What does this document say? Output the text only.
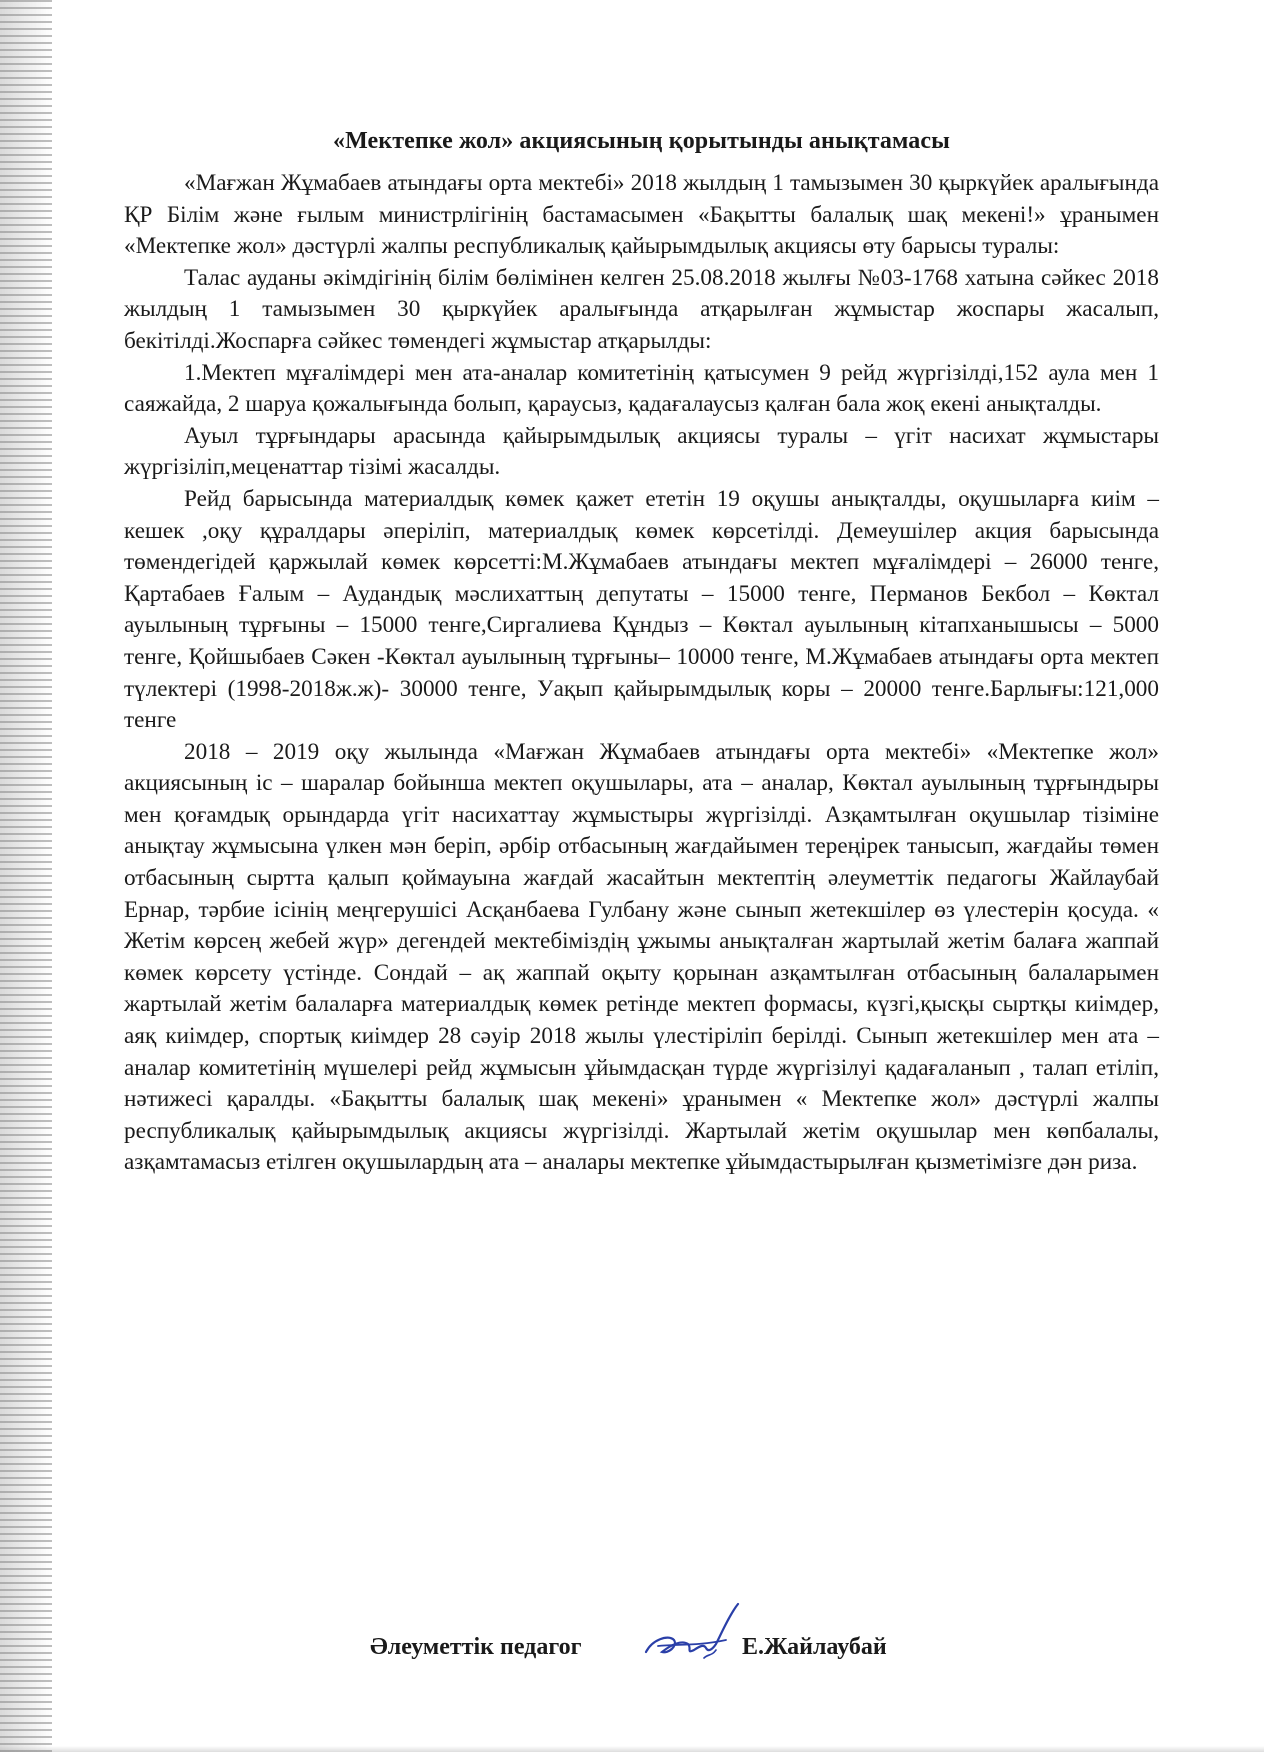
«Мектепке жол» акциясының қорытынды анықтамасы

«Мағжан Жұмабаев атындағы орта мектебі» 2018 жылдың 1 тамызымен 30 қыркүйек аралығында ҚР Білім және ғылым министрлігінің бастамасымен «Бақытты балалық шақ мекені!» ұранымен «Мектепке жол» дәстүрлі жалпы республикалық қайырымдылық акциясы өту барысы туралы:

Талас ауданы әкімдігінің білім бөлімінен келген 25.08.2018 жылғы №03-1768 хатына сәйкес 2018 жылдың 1 тамызымен 30 қыркүйек аралығында атқарылған жұмыстар жоспары жасалып, бекітілді.Жоспарға сәйкес төмендегі жұмыстар атқарылды:

1.Мектеп мұғалімдері мен ата-аналар комитетінің қатысумен 9 рейд жүргізілді,152 аула мен 1 саяжайда, 2 шаруа қожалығында болып, қараусыз, қадағалаусыз қалған бала жоқ екені анықталды.

Ауыл тұрғындары арасында қайырымдылық акциясы туралы – үгіт насихат жұмыстары жүргізіліп,меценаттар тізімі жасалды.

Рейд барысында материалдық көмек қажет ететін 19 оқушы анықталды, оқушыларға киім – кешек ,оқу құралдары әперіліп, материалдық көмек көрсетілді. Демеушілер акция барысында төмендегідей қаржылай көмек көрсетті:М.Жұмабаев атындағы мектеп мұғалімдері – 26000 тенге, Қартабаев Ғалым – Аудандық мәслихаттың депутаты – 15000 тенге, Перманов Бекбол – Көктал ауылының тұрғыны – 15000 тенге,Сиргалиева Құндыз – Көктал ауылының кітапханышысы – 5000 тенге, Қойшыбаев Сәкен -Көктал ауылының тұрғыны– 10000 тенге, М.Жұмабаев атындағы орта мектеп түлектері (1998-2018ж.ж)- 30000 тенге, Уақып қайырымдылық коры – 20000 тенге.Барлығы:121,000 тенге

2018 – 2019 оқу жылында «Мағжан Жұмабаев атындағы орта мектебі» «Мектепке жол» акциясының іс – шаралар бойынша мектеп оқушылары, ата – аналар, Көктал ауылының тұрғындыры мен қоғамдық орындарда үгіт насихаттау жұмыстыры жүргізілді. Азқамтылған оқушылар тізіміне анықтау жұмысына үлкен мән беріп, әрбір отбасының жағдайымен тереңірек танысып, жағдайы төмен отбасының сыртта қалып қоймауына жағдай жасайтын мектептің әлеуметтік педагогы Жайлаубай Ернар, тәрбие ісінің меңгерушісі Асқанбаева Гулбану және сынып жетекшілер өз үлестерін қосуда. « Жетім көрсең жебей жүр» дегендей мектебіміздің ұжымы анықталған жартылай жетім балаға жаппай көмек көрсету үстінде. Сондай – ақ жаппай оқыту қорынан азқамтылған отбасының балаларымен жартылай жетім балаларға материалдық көмек ретінде мектеп формасы, күзгі,қысқы сыртқы киімдер, аяқ киімдер, спортық киімдер 28 сәуір 2018 жылы үлестіріліп берілді. Сынып жетекшілер мен ата – аналар комитетінің мүшелері рейд жұмысын ұйымдасқан түрде жүргізілуі қадағаланып , талап етіліп, нәтижесі қаралды. «Бақытты балалық шақ мекені» ұранымен « Мектепке жол» дәстүрлі жалпы республикалық қайырымдылық акциясы жүргізілді. Жартылай жетім оқушылар мен көпбалалы, азқамтамасыз етілген оқушылардың ата – аналары мектепке ұйымдастырылған қызметімізге дән риза.

Әлеуметтік педагог	Е.Жайлаубай
